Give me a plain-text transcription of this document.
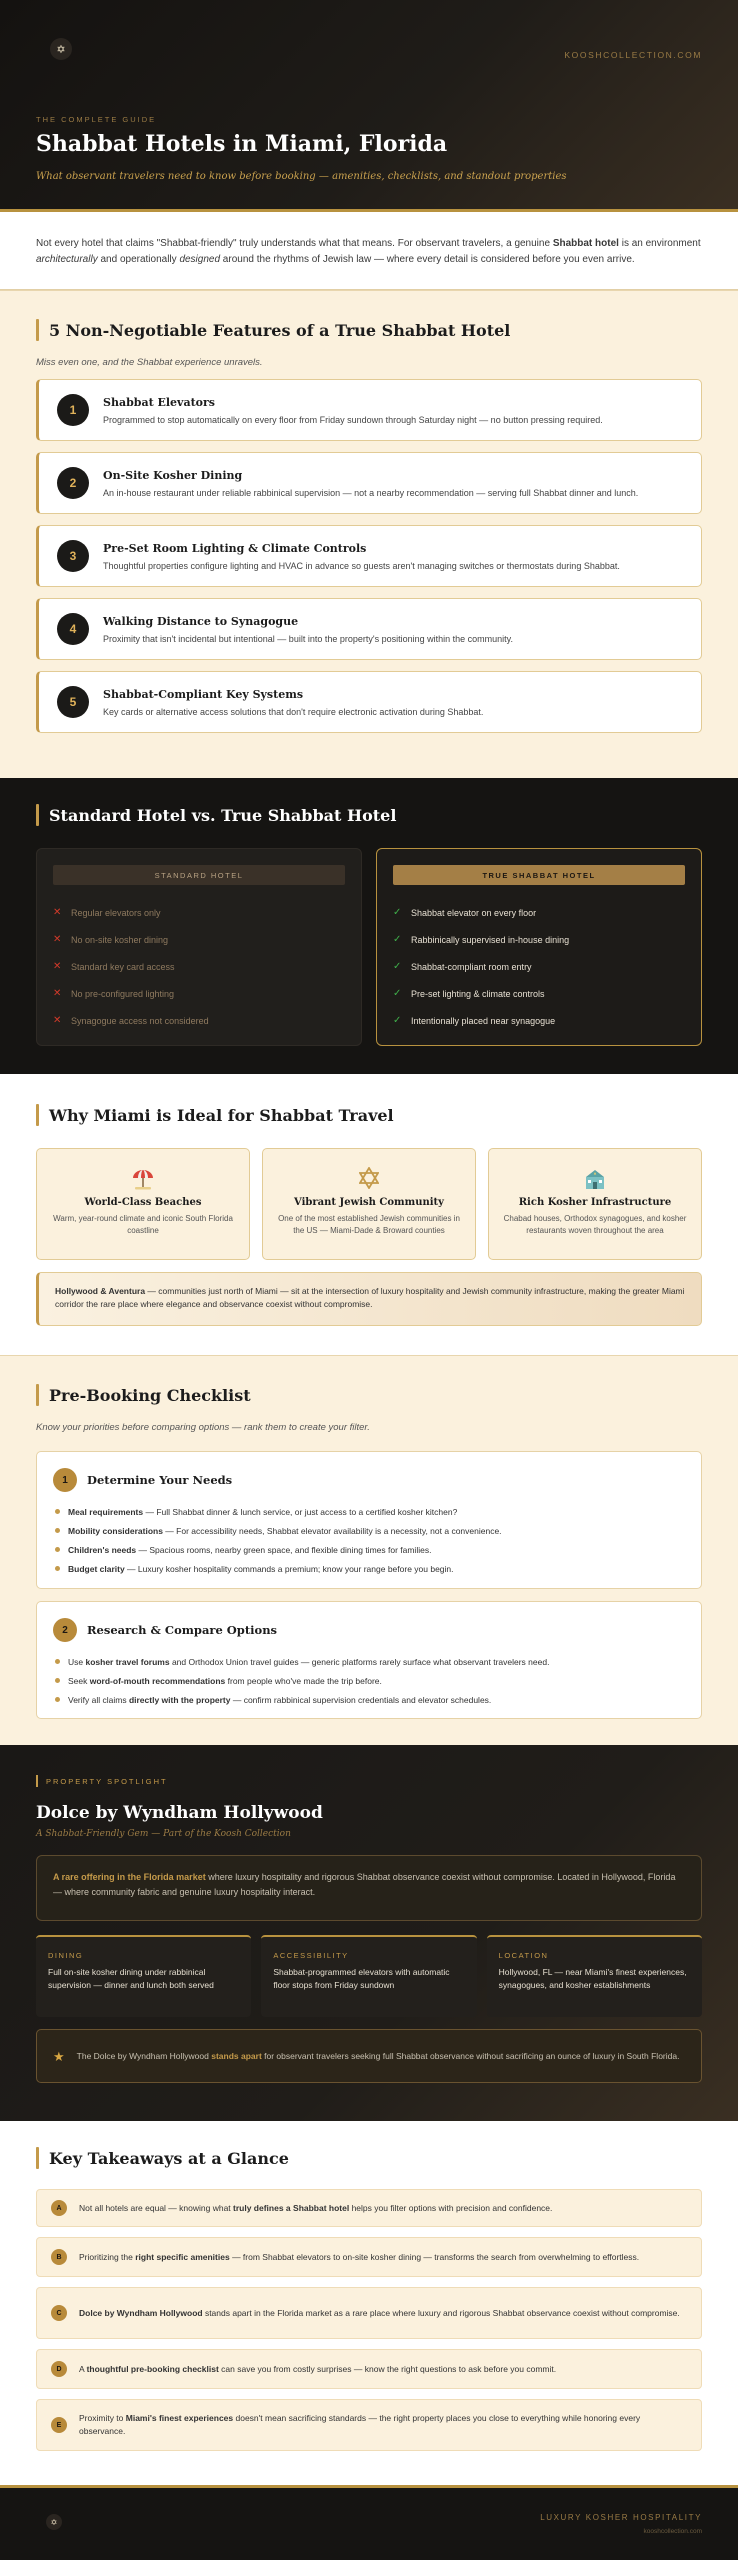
✡	KOOSHCOLLECTION.COM
THE COMPLETE GUIDE
Shabbat Hotels in Miami, Florida
What observant travelers need to know before booking — amenities, checklists, and standout properties
Not every hotel that claims "Shabbat-friendly" truly understands what that means. For observant travelers, a genuine Shabbat hotel is an environment architecturally and operationally designed around the rhythms of Jewish law — where every detail is considered before you even arrive.
5 Non-Negotiable Features of a True Shabbat Hotel
Miss even one, and the Shabbat experience unravels.
1
Shabbat Elevators
Programmed to stop automatically on every floor from Friday sundown through Saturday night — no button pressing required.
2
On-Site Kosher Dining
An in-house restaurant under reliable rabbinical supervision — not a nearby recommendation — serving full Shabbat dinner and lunch.
3
Pre-Set Room Lighting & Climate Controls
Thoughtful properties configure lighting and HVAC in advance so guests aren't managing switches or thermostats during Shabbat.
4
Walking Distance to Synagogue
Proximity that isn't incidental but intentional — built into the property's positioning within the community.
5
Shabbat-Compliant Key Systems
Key cards or alternative access solutions that don't require electronic activation during Shabbat.
Standard Hotel vs. True Shabbat Hotel
STANDARD HOTEL
✕	Regular elevators only
✕	No on-site kosher dining
✕	Standard key card access
✕	No pre-configured lighting
✕	Synagogue access not considered
TRUE SHABBAT HOTEL
✓	Shabbat elevator on every floor
✓	Rabbinically supervised in-house dining
✓	Shabbat-compliant room entry
✓	Pre-set lighting & climate controls
✓	Intentionally placed near synagogue
Why Miami is Ideal for Shabbat Travel
World-Class Beaches
Warm, year-round climate and iconic South Florida coastline
Vibrant Jewish Community
One of the most established Jewish communities in the US — Miami-Dade & Broward counties
Rich Kosher Infrastructure
Chabad houses, Orthodox synagogues, and kosher restaurants woven throughout the area
Hollywood & Aventura — communities just north of Miami — sit at the intersection of luxury hospitality and Jewish community infrastructure, making the greater Miami corridor the rare place where elegance and observance coexist without compromise.
Pre-Booking Checklist
Know your priorities before comparing options — rank them to create your filter.
1	Determine Your Needs
Meal requirements — Full Shabbat dinner & lunch service, or just access to a certified kosher kitchen?
Mobility considerations — For accessibility needs, Shabbat elevator availability is a necessity, not a convenience.
Children's needs — Spacious rooms, nearby green space, and flexible dining times for families.
Budget clarity — Luxury kosher hospitality commands a premium; know your range before you begin.
2	Research & Compare Options
Use kosher travel forums and Orthodox Union travel guides — generic platforms rarely surface what observant travelers need.
Seek word-of-mouth recommendations from people who've made the trip before.
Verify all claims directly with the property — confirm rabbinical supervision credentials and elevator schedules.
PROPERTY SPOTLIGHT
Dolce by Wyndham Hollywood
A Shabbat-Friendly Gem — Part of the Koosh Collection
A rare offering in the Florida market where luxury hospitality and rigorous Shabbat observance coexist without compromise. Located in Hollywood, Florida — where community fabric and genuine luxury hospitality interact.
DINING
Full on-site kosher dining under rabbinical supervision — dinner and lunch both served
ACCESSIBILITY
Shabbat-programmed elevators with automatic floor stops from Friday sundown
LOCATION
Hollywood, FL — near Miami's finest experiences, synagogues, and kosher establishments
★ The Dolce by Wyndham Hollywood stands apart for observant travelers seeking full Shabbat observance without sacrificing an ounce of luxury in South Florida.
Key Takeaways at a Glance
A	Not all hotels are equal — knowing what truly defines a Shabbat hotel helps you filter options with precision and confidence.
B	Prioritizing the right specific amenities — from Shabbat elevators to on-site kosher dining — transforms the search from overwhelming to effortless.
C	Dolce by Wyndham Hollywood stands apart in the Florida market as a rare place where luxury and rigorous Shabbat observance coexist without compromise.
D	A thoughtful pre-booking checklist can save you from costly surprises — know the right questions to ask before you commit.
E
Proximity to Miami's finest experiences doesn't mean sacrificing standards — the right property places you close to everything while honoring every observance.
✡	LUXURY KOSHER HOSPITALITY
kooshcollection.com
